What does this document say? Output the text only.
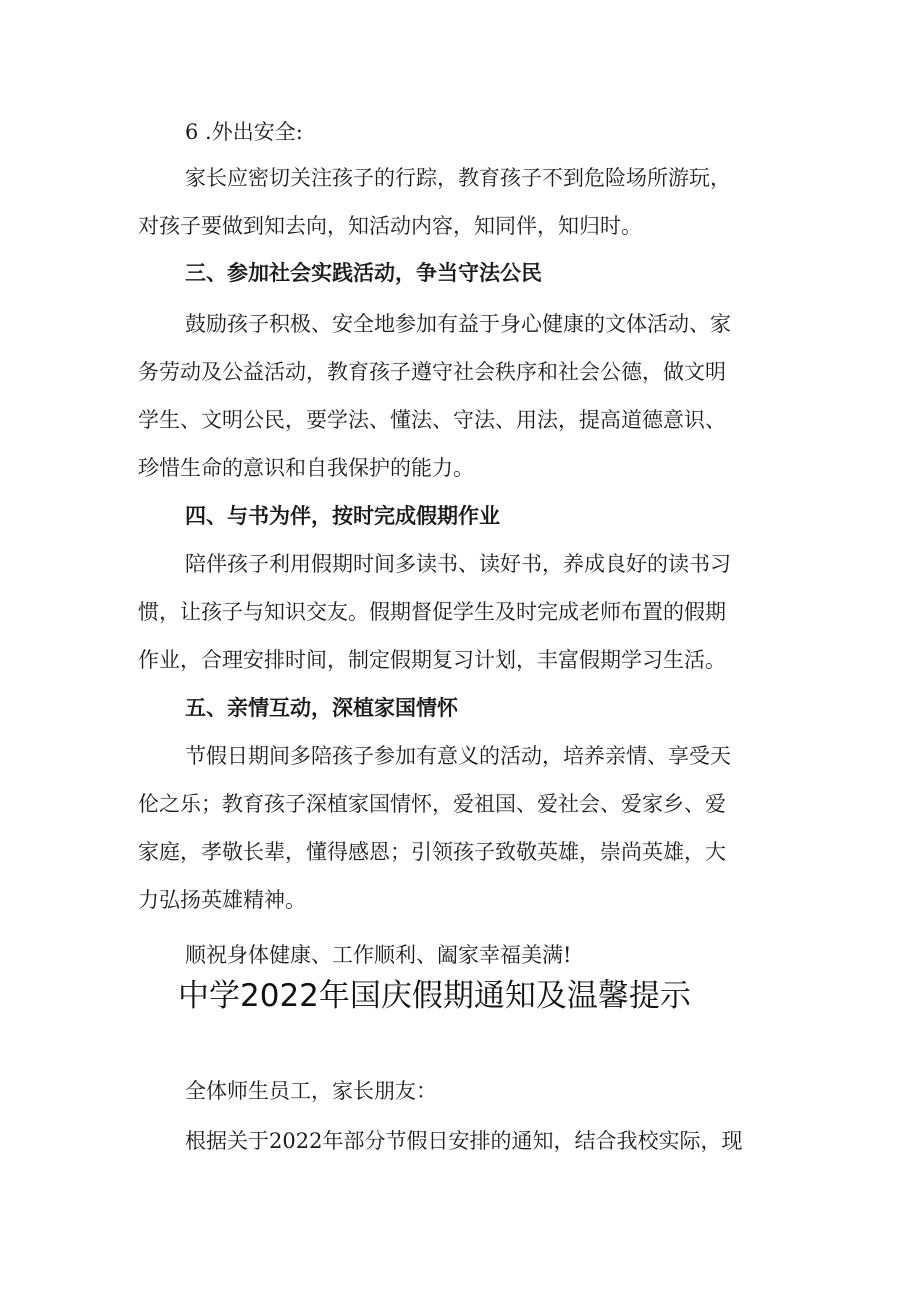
6 .外出安全:
家长应密切关注孩子的行踪，教育孩子不到危险场所游玩，
对孩子要做到知去向，知活动内容，知同伴，知归时。
三、参加社会实践活动，争当守法公民
鼓励孩子积极、安全地参加有益于身心健康的文体活动、家
务劳动及公益活动，教育孩子遵守社会秩序和社会公德，做文明
学生、文明公民，要学法、懂法、守法、用法，提高道德意识、
珍惜生命的意识和自我保护的能力。
四、与书为伴，按时完成假期作业
陪伴孩子利用假期时间多读书、读好书，养成良好的读书习
惯，让孩子与知识交友。假期督促学生及时完成老师布置的假期
作业，合理安排时间，制定假期复习计划，丰富假期学习生活。
五、亲情互动，深植家国情怀
节假日期间多陪孩子参加有意义的活动，培养亲情、享受天
伦之乐；教育孩子深植家国情怀，爱祖国、爱社会、爱家乡、爱
家庭，孝敬长辈，懂得感恩；引领孩子致敬英雄，崇尚英雄，大
力弘扬英雄精神。
顺祝身体健康、工作顺利、阖家幸福美满!
中学2022年国庆假期通知及温馨提示
全体师生员工，家长朋友：
根据关于2022年部分节假日安排的通知，结合我校实际，现
